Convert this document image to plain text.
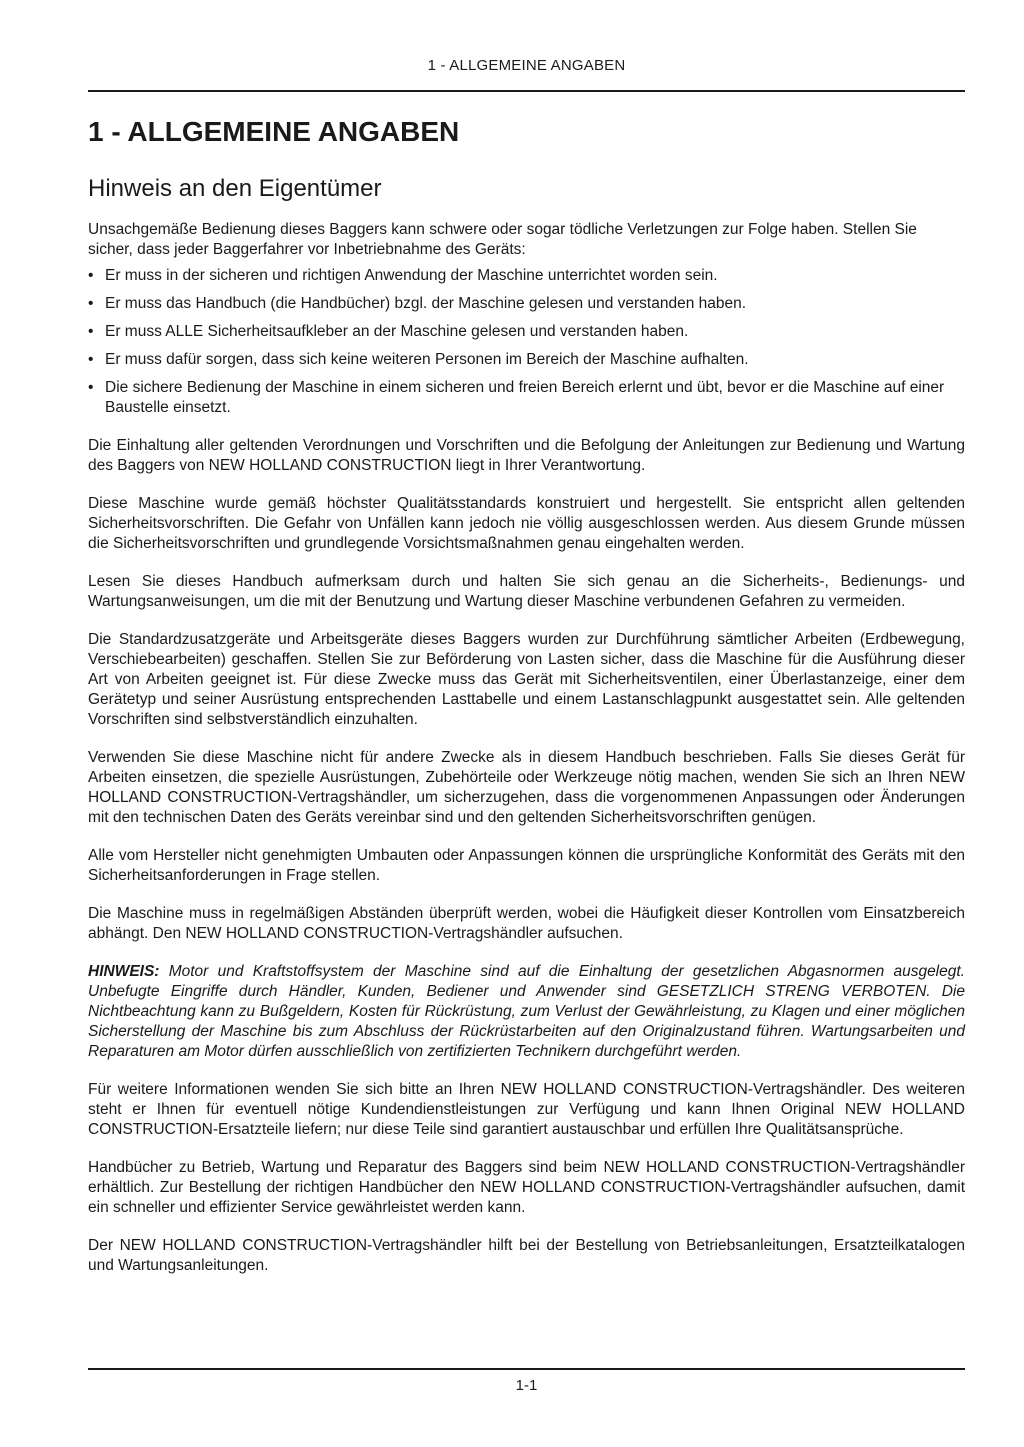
1 - ALLGEMEINE ANGABEN
1 - ALLGEMEINE ANGABEN
Hinweis an den Eigentümer

Unsachgemäße Bedienung dieses Baggers kann schwere oder sogar tödliche Verletzungen zur Folge haben. Stellen Sie sicher, dass jeder Baggerfahrer vor Inbetriebnahme des Geräts:

• Er muss in der sicheren und richtigen Anwendung der Maschine unterrichtet worden sein.
• Er muss das Handbuch (die Handbücher) bzgl. der Maschine gelesen und verstanden haben.
• Er muss ALLE Sicherheitsaufkleber an der Maschine gelesen und verstanden haben.
• Er muss dafür sorgen, dass sich keine weiteren Personen im Bereich der Maschine aufhalten.
• Die sichere Bedienung der Maschine in einem sicheren und freien Bereich erlernt und übt, bevor er die Maschine auf einer Baustelle einsetzt.

Die Einhaltung aller geltenden Verordnungen und Vorschriften und die Befolgung der Anleitungen zur Bedienung und Wartung des Baggers von NEW HOLLAND CONSTRUCTION liegt in Ihrer Verantwortung.

Diese Maschine wurde gemäß höchster Qualitätsstandards konstruiert und hergestellt. Sie entspricht allen geltenden Sicherheitsvorschriften. Die Gefahr von Unfällen kann jedoch nie völlig ausgeschlossen werden. Aus diesem Grunde müssen die Sicherheitsvorschriften und grundlegende Vorsichtsmaßnahmen genau eingehalten werden.

Lesen Sie dieses Handbuch aufmerksam durch und halten Sie sich genau an die Sicherheits-, Bedienungs- und Wartungsanweisungen, um die mit der Benutzung und Wartung dieser Maschine verbundenen Gefahren zu vermeiden.

Die Standardzusatzgeräte und Arbeitsgeräte dieses Baggers wurden zur Durchführung sämtlicher Arbeiten (Erdbewegung, Verschiebearbeiten) geschaffen. Stellen Sie zur Beförderung von Lasten sicher, dass die Maschine für die Ausführung dieser Art von Arbeiten geeignet ist. Für diese Zwecke muss das Gerät mit Sicherheitsventilen, einer Überlastanzeige, einer dem Gerätetyp und seiner Ausrüstung entsprechenden Lasttabelle und einem Lastanschlagpunkt ausgestattet sein. Alle geltenden Vorschriften sind selbstverständlich einzuhalten.

Verwenden Sie diese Maschine nicht für andere Zwecke als in diesem Handbuch beschrieben. Falls Sie dieses Gerät für Arbeiten einsetzen, die spezielle Ausrüstungen, Zubehörteile oder Werkzeuge nötig machen, wenden Sie sich an Ihren NEW HOLLAND CONSTRUCTION-Vertragshändler, um sicherzugehen, dass die vorgenommenen Anpassungen oder Änderungen mit den technischen Daten des Geräts vereinbar sind und den geltenden Sicherheitsvorschriften genügen.

Alle vom Hersteller nicht genehmigten Umbauten oder Anpassungen können die ursprüngliche Konformität des Geräts mit den Sicherheitsanforderungen in Frage stellen.

Die Maschine muss in regelmäßigen Abständen überprüft werden, wobei die Häufigkeit dieser Kontrollen vom Einsatzbereich abhängt. Den NEW HOLLAND CONSTRUCTION-Vertragshändler aufsuchen.

HINWEIS: Motor und Kraftstoffsystem der Maschine sind auf die Einhaltung der gesetzlichen Abgasnormen ausgelegt. Unbefugte Eingriffe durch Händler, Kunden, Bediener und Anwender sind GESETZLICH STRENG VERBOTEN. Die Nichtbeachtung kann zu Bußgeldern, Kosten für Rückrüstung, zum Verlust der Gewährleistung, zu Klagen und einer möglichen Sicherstellung der Maschine bis zum Abschluss der Rückrüstarbeiten auf den Originalzustand führen. Wartungsarbeiten und Reparaturen am Motor dürfen ausschließlich von zertifizierten Technikern durchgeführt werden.

Für weitere Informationen wenden Sie sich bitte an Ihren NEW HOLLAND CONSTRUCTION-Vertragshändler. Des weiteren steht er Ihnen für eventuell nötige Kundendienstleistungen zur Verfügung und kann Ihnen Original NEW HOLLAND CONSTRUCTION-Ersatzteile liefern; nur diese Teile sind garantiert austauschbar und erfüllen Ihre Qualitätsansprüche.

Handbücher zu Betrieb, Wartung und Reparatur des Baggers sind beim NEW HOLLAND CONSTRUCTION-Vertragshändler erhältlich. Zur Bestellung der richtigen Handbücher den NEW HOLLAND CONSTRUCTION-Vertragshändler aufsuchen, damit ein schneller und effizienter Service gewährleistet werden kann.

Der NEW HOLLAND CONSTRUCTION-Vertragshändler hilft bei der Bestellung von Betriebsanleitungen, Ersatzteilkatalogen und Wartungsanleitungen.

1-1
